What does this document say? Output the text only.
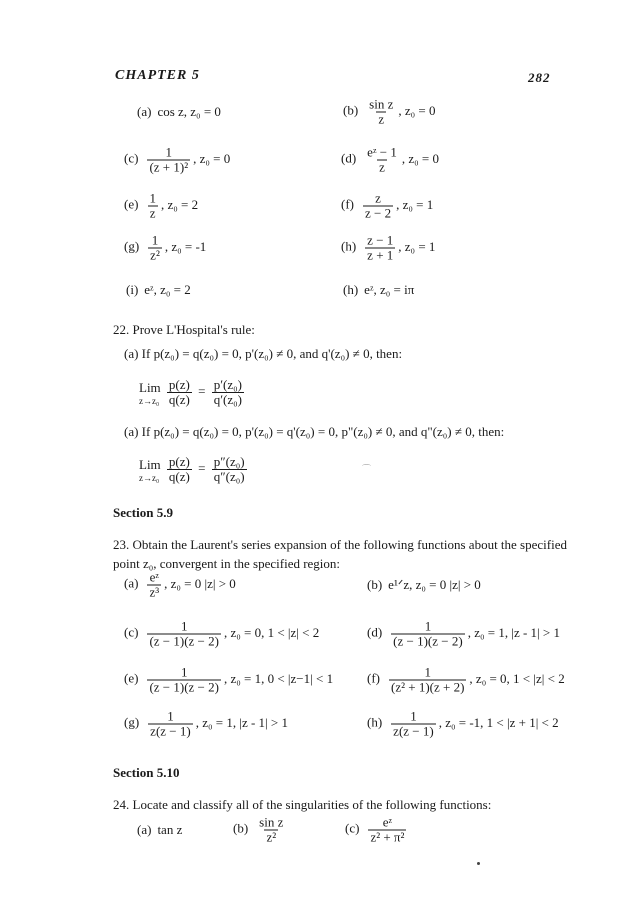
CHAPTER 5	282
(a) cos z, z₀ = 0	$(b) \frac{\text{sin z}}{z}$ , z₀ = 0
$(c) \frac{1}{\text{(z + 1)²}}$ , z₀ = 0	$(d) \frac{\text{eᶻ − 1}}{z}$ , z₀ = 0
$(e) \frac{1}{z}$ , z₀ = 2	$(f) \frac{z}{z - 2}$ , z₀ = 1
$(g) \frac{1}{\text{z²}}$ , z₀ = -1	$(h) \frac{z - 1}{z + 1}$ , z₀ = 1
(i) eᶻ, z₀ = 2	(h) eᶻ, z₀ = iπ
22. Prove L'Hospital's rule:
(a) If p(z₀) = q(z₀) = 0, p'(z₀) ≠ 0, and q'(z₀) ≠ 0, then:
Lim
z→z₀
$\frac{p(z)}{q(z)} = \frac{\text{p′(z₀)}}{\text{q′(z₀)}}$
(a) If p(z₀) = q(z₀) = 0, p'(z₀) = q'(z₀) = 0, p"(z₀) ≠ 0, and q"(z₀) ≠ 0, then:
Lim
z→z₀
$\frac{p(z)}{q(z)} = \frac{\text{p″(z₀)}}{\text{q″(z₀)}}$	⌒
Section 5.9
23. Obtain the Laurent's series expansion of the following functions about the specified
point z₀, convergent in the specified region:
$(a) \frac{\text{eᶻ}}{\text{z³}}$ , z₀ = 0 |z| > 0	(b) e¹ᐟz, z₀ = 0 |z| > 0
$(c) \frac{1}{(z - 1)(z - 2)}$ , z₀ = 0, 1 < |z| < 2	$(d) \frac{1}{(z - 1)(z - 2)}$ , z₀ = 1, |z - 1| > 1
$(e) \frac{1}{(z - 1)(z - 2)}$ , z₀ = 1, 0 < |z−1| < 1	$(f) \frac{1}{\text{(z² + 1)(z + 2)}}$ , z₀ = 0, 1 < |z| < 2
$(g) \frac{1}{z(z - 1)}$ , z₀ = 1, |z - 1| > 1	$(h) \frac{1}{z(z - 1)}$ , z₀ = -1, 1 < |z + 1| < 2
Section 5.10
24. Locate and classify all of the singularities of the following functions:
(a) tan z	$(b) \frac{\text{sin z}}{\text{z²}}$	$(c) \frac{\text{eᶻ}}{\text{z² + π²}}$
